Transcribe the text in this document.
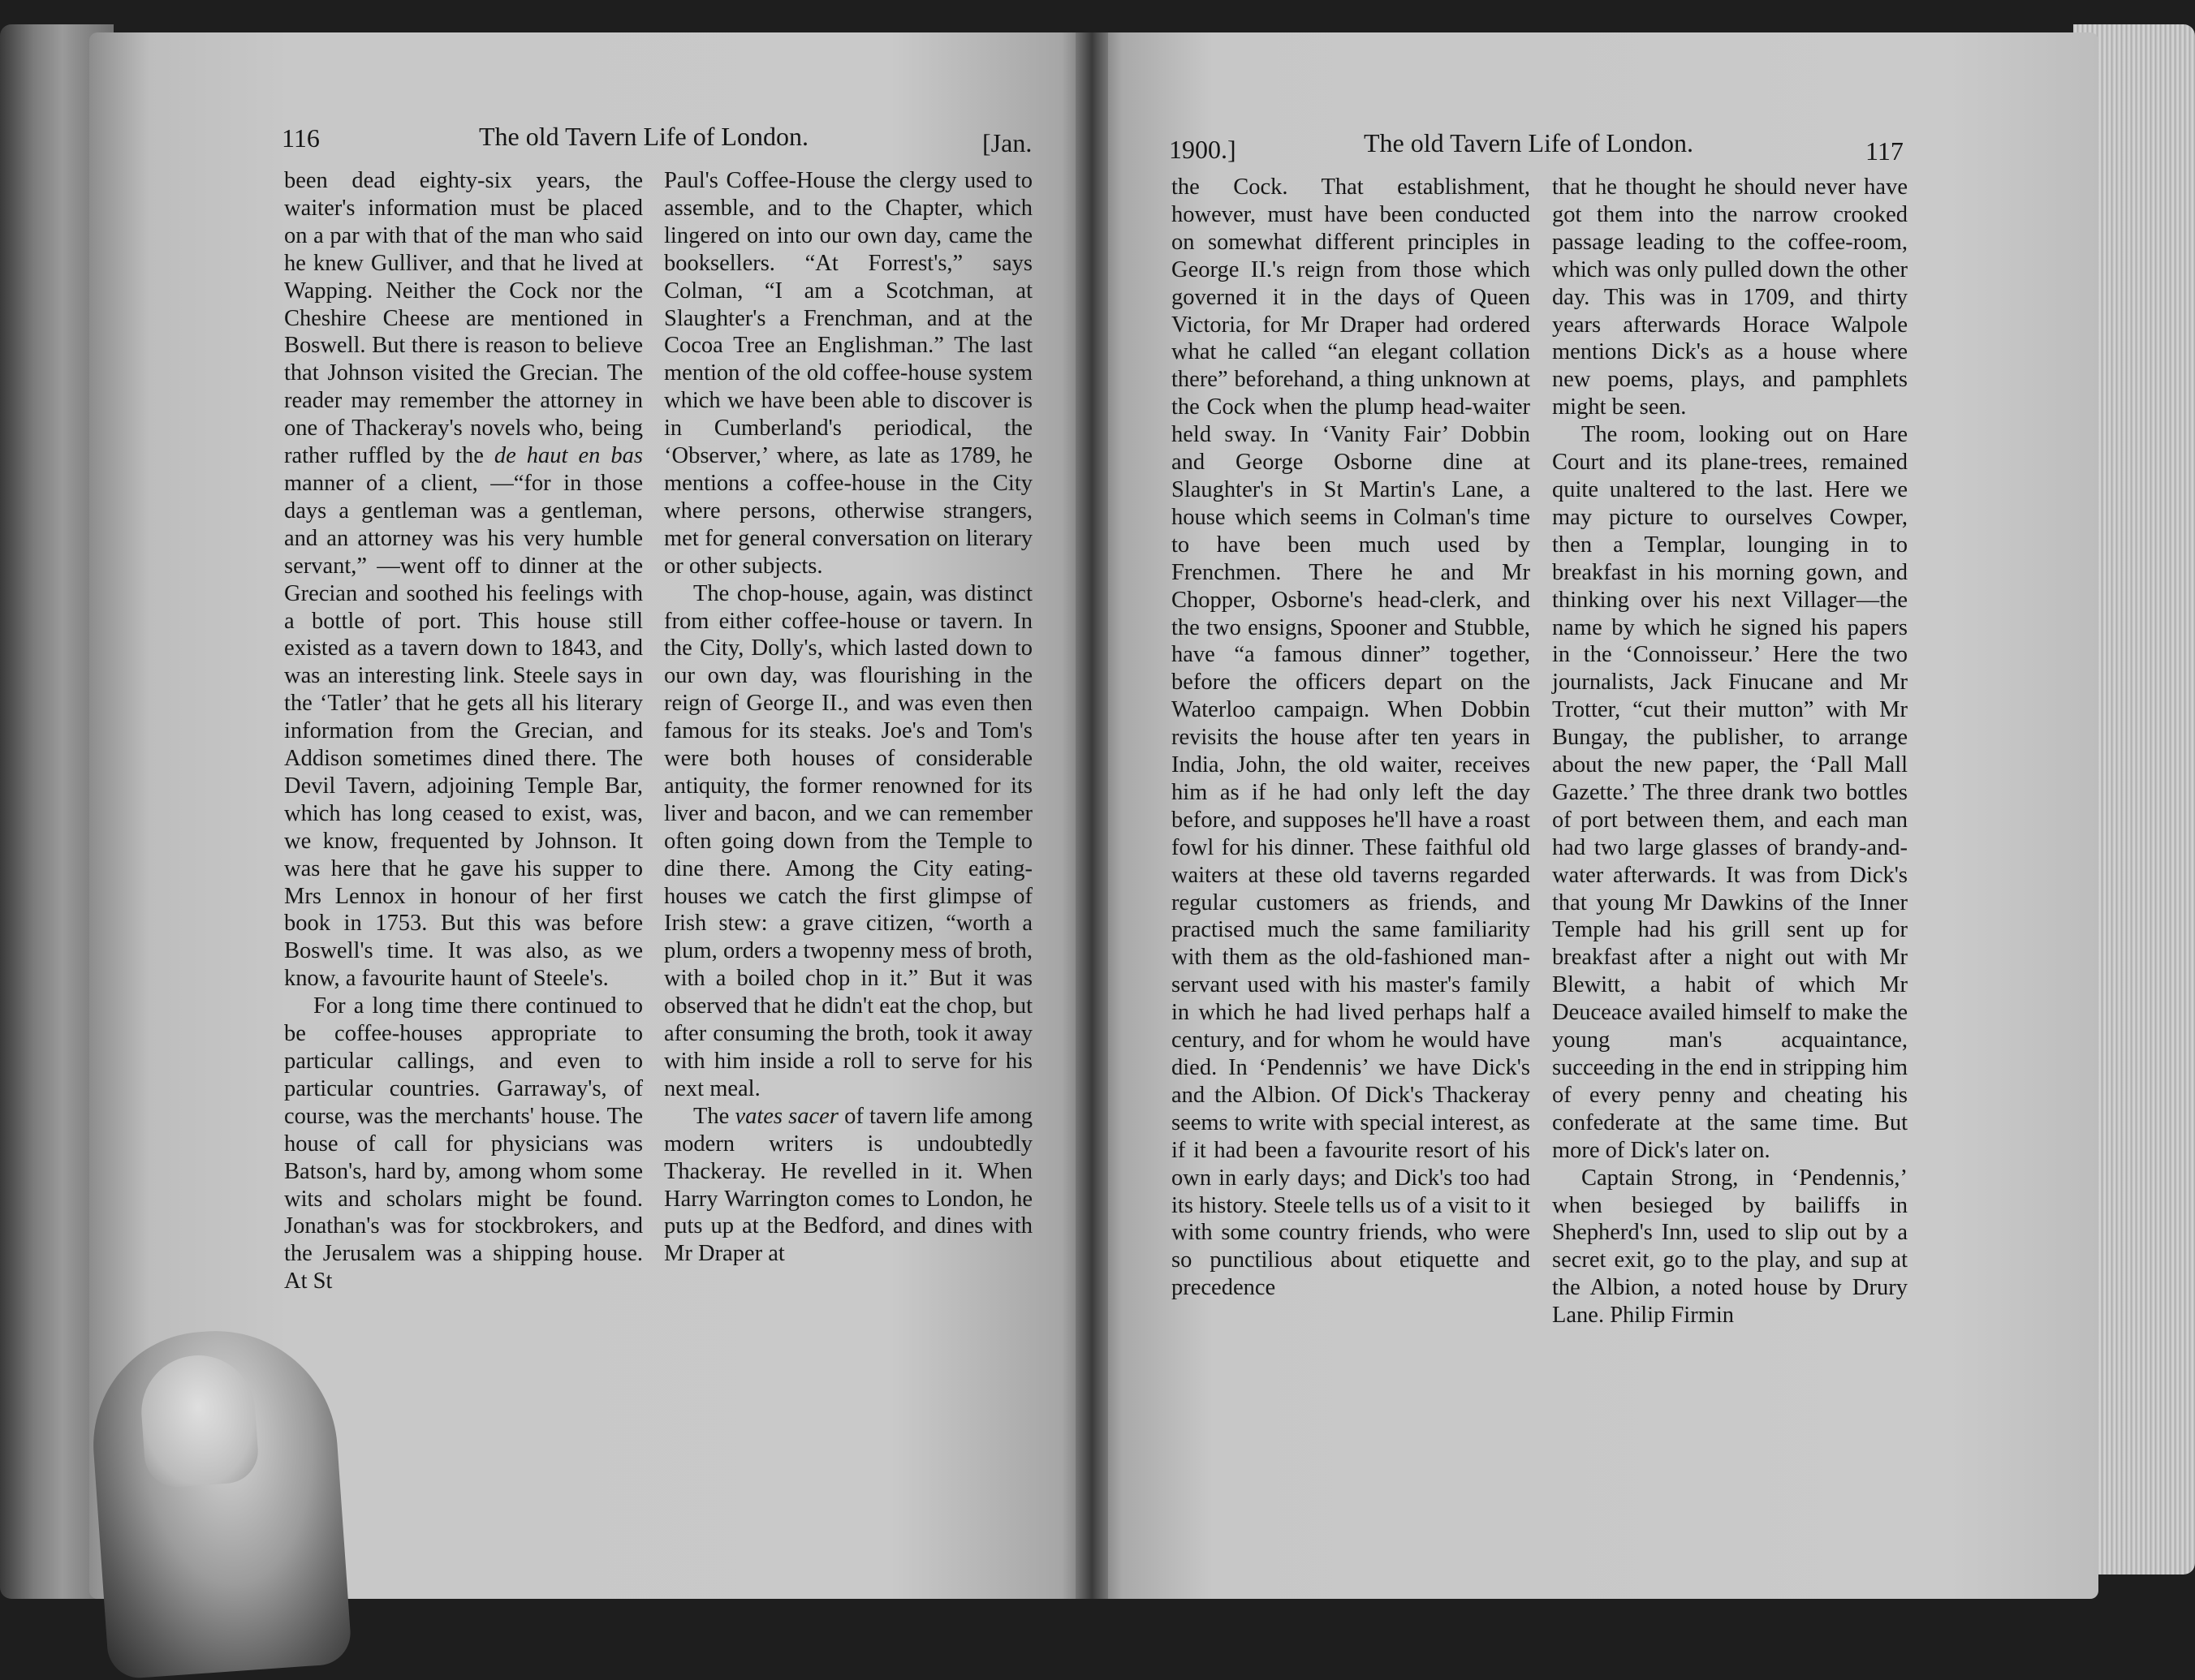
116	The old Tavern Life of London.	[Jan.	1900.]	The old Tavern Life of London.	117

been dead eighty-six years, the waiter's information must be placed on a par with that of the man who said he knew Gulliver, and that he lived at Wapping. Neither the Cock nor the Cheshire Cheese are mentioned in Boswell. But there is reason to believe that Johnson visited the Grecian. The reader may remember the attorney in one of Thackeray's novels who, being rather ruffled by the de haut en bas manner of a client, —“for in those days a gentleman was a gentleman, and an attorney was his very humble servant,” —went off to dinner at the Grecian and soothed his feelings with a bottle of port. This house still existed as a tavern down to 1843, and was an interesting link. Steele says in the ‘Tatler’ that he gets all his literary information from the Grecian, and Addison sometimes dined there. The Devil Tavern, adjoining Temple Bar, which has long ceased to exist, was, we know, frequented by Johnson. It was here that he gave his supper to Mrs Lennox in honour of her first book in 1753. But this was before Boswell's time. It was also, as we know, a favourite haunt of Steele's.

For a long time there continued to be coffee-houses appropriate to particular callings, and even to particular countries. Garraway's, of course, was the merchants' house. The house of call for physicians was Batson's, hard by, among whom some wits and scholars might be found. Jonathan's was for stockbrokers, and the Jerusalem was a shipping house. At St

Paul's Coffee-House the clergy used to assemble, and to the Chapter, which lingered on into our own day, came the booksellers. “At Forrest's,” says Colman, “I am a Scotchman, at Slaughter's a Frenchman, and at the Cocoa Tree an Englishman.” The last mention of the old coffee-house system which we have been able to discover is in Cumberland's periodical, the ‘Observer,’ where, as late as 1789, he mentions a coffee-house in the City where persons, otherwise strangers, met for general conversation on literary or other subjects.

The chop-house, again, was distinct from either coffee-house or tavern. In the City, Dolly's, which lasted down to our own day, was flourishing in the reign of George II., and was even then famous for its steaks. Joe's and Tom's were both houses of considerable antiquity, the former renowned for its liver and bacon, and we can remember often going down from the Temple to dine there. Among the City eating-houses we catch the first glimpse of Irish stew: a grave citizen, “worth a plum, orders a twopenny mess of broth, with a boiled chop in it.” But it was observed that he didn't eat the chop, but after consuming the broth, took it away with him inside a roll to serve for his next meal.

The vates sacer of tavern life among modern writers is undoubtedly Thackeray. He revelled in it. When Harry Warrington comes to London, he puts up at the Bedford, and dines with Mr Draper at

the Cock. That establishment, however, must have been conducted on somewhat different principles in George II.'s reign from those which governed it in the days of Queen Victoria, for Mr Draper had ordered what he called “an elegant collation there” beforehand, a thing unknown at the Cock when the plump head-waiter held sway. In ‘Vanity Fair’ Dobbin and George Osborne dine at Slaughter's in St Martin's Lane, a house which seems in Colman's time to have been much used by Frenchmen. There he and Mr Chopper, Osborne's head-clerk, and the two ensigns, Spooner and Stubble, have “a famous dinner” together, before the officers depart on the Waterloo campaign. When Dobbin revisits the house after ten years in India, John, the old waiter, receives him as if he had only left the day before, and supposes he'll have a roast fowl for his dinner. These faithful old waiters at these old taverns regarded regular customers as friends, and practised much the same familiarity with them as the old-fashioned man-servant used with his master's family in which he had lived perhaps half a century, and for whom he would have died. In ‘Pendennis’ we have Dick's and the Albion. Of Dick's Thackeray seems to write with special interest, as if it had been a favourite resort of his own in early days; and Dick's too had its history. Steele tells us of a visit to it with some country friends, who were so punctilious about etiquette and precedence

that he thought he should never have got them into the narrow crooked passage leading to the coffee-room, which was only pulled down the other day. This was in 1709, and thirty years afterwards Horace Walpole mentions Dick's as a house where new poems, plays, and pamphlets might be seen.

The room, looking out on Hare Court and its plane-trees, remained quite unaltered to the last. Here we may picture to ourselves Cowper, then a Templar, lounging in to breakfast in his morning gown, and thinking over his next Villager—the name by which he signed his papers in the ‘Connoisseur.’ Here the two journalists, Jack Finucane and Mr Trotter, “cut their mutton” with Mr Bungay, the publisher, to arrange about the new paper, the ‘Pall Mall Gazette.’ The three drank two bottles of port between them, and each man had two large glasses of brandy-and-water afterwards. It was from Dick's that young Mr Dawkins of the Inner Temple had his grill sent up for breakfast after a night out with Mr Blewitt, a habit of which Mr Deuceace availed himself to make the young man's acquaintance, succeeding in the end in stripping him of every penny and cheating his confederate at the same time. But more of Dick's later on.

Captain Strong, in ‘Pendennis,’ when besieged by bailiffs in Shepherd's Inn, used to slip out by a secret exit, go to the play, and sup at the Albion, a noted house by Drury Lane. Philip Firmin
